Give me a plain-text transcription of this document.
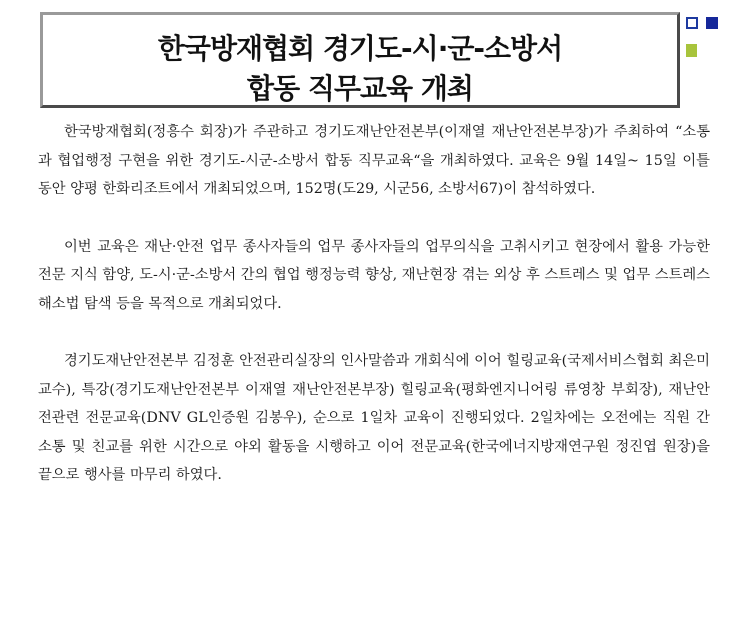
한국방재협회 경기도-시·군-소방서
합동 직무교육 개최

한국방재협회(정흥수 회장)가 주관하고 경기도재난안전본부(이재열 재난안전본부장)가 주최하여 “소통과 협업행정 구현을 위한 경기도-시군-소방서 합동 직무교육“을 개최하였다. 교육은 9월 14일~ 15일 이틀 동안 양평 한화리조트에서 개최되었으며, 152명(도29, 시군56, 소방서67)이 참석하였다.

이번 교육은 재난·안전 업무 종사자들의 업무 종사자들의 업무의식을 고취시키고 현장에서 활용 가능한 전문 지식 함양, 도-시·군-소방서 간의 협업 행정능력 향상, 재난현장 겪는 외상 후 스트레스 및 업무 스트레스 해소법 탐색 등을 목적으로 개최되었다.

경기도재난안전본부 김정훈 안전관리실장의 인사말씀과 개회식에 이어 힐링교육(국제서비스협회 최은미 교수), 특강(경기도재난안전본부 이재열 재난안전본부장) 힐링교육(평화엔지니어링 류영창 부회장), 재난안전관련 전문교육(DNV GL인증원 김봉우), 순으로 1일차 교육이 진행되었다. 2일차에는 오전에는 직원 간 소통 및 친교를 위한 시간으로 야외 활동을 시행하고 이어 전문교육(한국에너지방재연구원 정진엽 원장)을 끝으로 행사를 마무리 하였다.
